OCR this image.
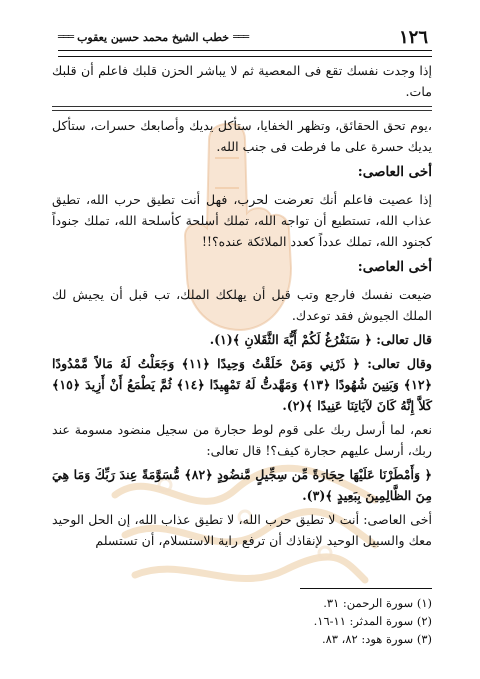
١٢٦
═══
خطب الشيخ محمد حسين يعقوب
═══

إذا وجدت نفسك تقع فى المعصية ثم لا يباشر الحزن قلبك فاعلم أن قلبك مات.

،يوم تحق الحقائق، وتظهر الخفايا، ستأكل يديك وأصابعك حسرات، ستأكل يديك حسرة على ما فرطت فى جنب الله.

أخى العاصى:

إذا عصيت فاعلم أنك تعرضت لحرب، فهل أنت تطيق حرب الله، تطيق عذاب الله، تستطيع أن تواجه الله، تملك أسلحة كأسلحة الله، تملك جنوداً كجنود الله، تملك عدداً كعدد الملائكة عنده؟!!

أخى العاصى:

ضيعت نفسك فارجع وتب قبل أن يهلكك الملك، تب قبل أن يجيش لك الملك الجيوش فقد توعدك.

قال تعالى: ﴿ سَنَفْرُغُ لَكُمْ أَيُّهَ الثَّقَلانِ ﴾(١).

وقال تعالى: ﴿ ذَرْنِي وَمَنْ خَلَقْتُ وَحِيدًا ﴿١١﴾ وَجَعَلْتُ لَهُ مَالاً مَّمْدُودًا ﴿١٢﴾ وَبَنِينَ شُهُودًا ﴿١٣﴾ وَمَهَّدتُّ لَهُ تَمْهِيدًا ﴿١٤﴾ ثُمَّ يَطْمَعُ أَنْ أَزِيدَ ﴿١٥﴾ كَلاَّ إِنَّهُ كَانَ لآيَاتِنَا عَنِيدًا ﴾(٢).

نعم، لما أرسل ربك على قوم لوط حجارة من سجيل منضود مسومة عند ربك، أرسل عليهم حجارة كيف؟! قال تعالى:

﴿ وَأَمْطَرْنَا عَلَيْهَا حِجَارَةً مِّن سِجِّيلٍ مَّنضُودٍ ﴿٨٢﴾ مُّسَوَّمَةً عِندَ رَبِّكَ وَمَا هِيَ مِنَ الظَّالِمِينَ بِبَعِيدٍ ﴾(٣).

أخى العاصى: أنت لا تطيق حرب الله، لا تطيق عذاب الله، إن الحل الوحيد معك والسبيل الوحيد لإنقاذك أن ترفع راية الاستسلام، أن تستسلم

(١) سورة الرحمن: ٣١.
(٢) سورة المدثر: ١١-١٦.
(٣) سورة هود: ٨٢، ٨٣.
